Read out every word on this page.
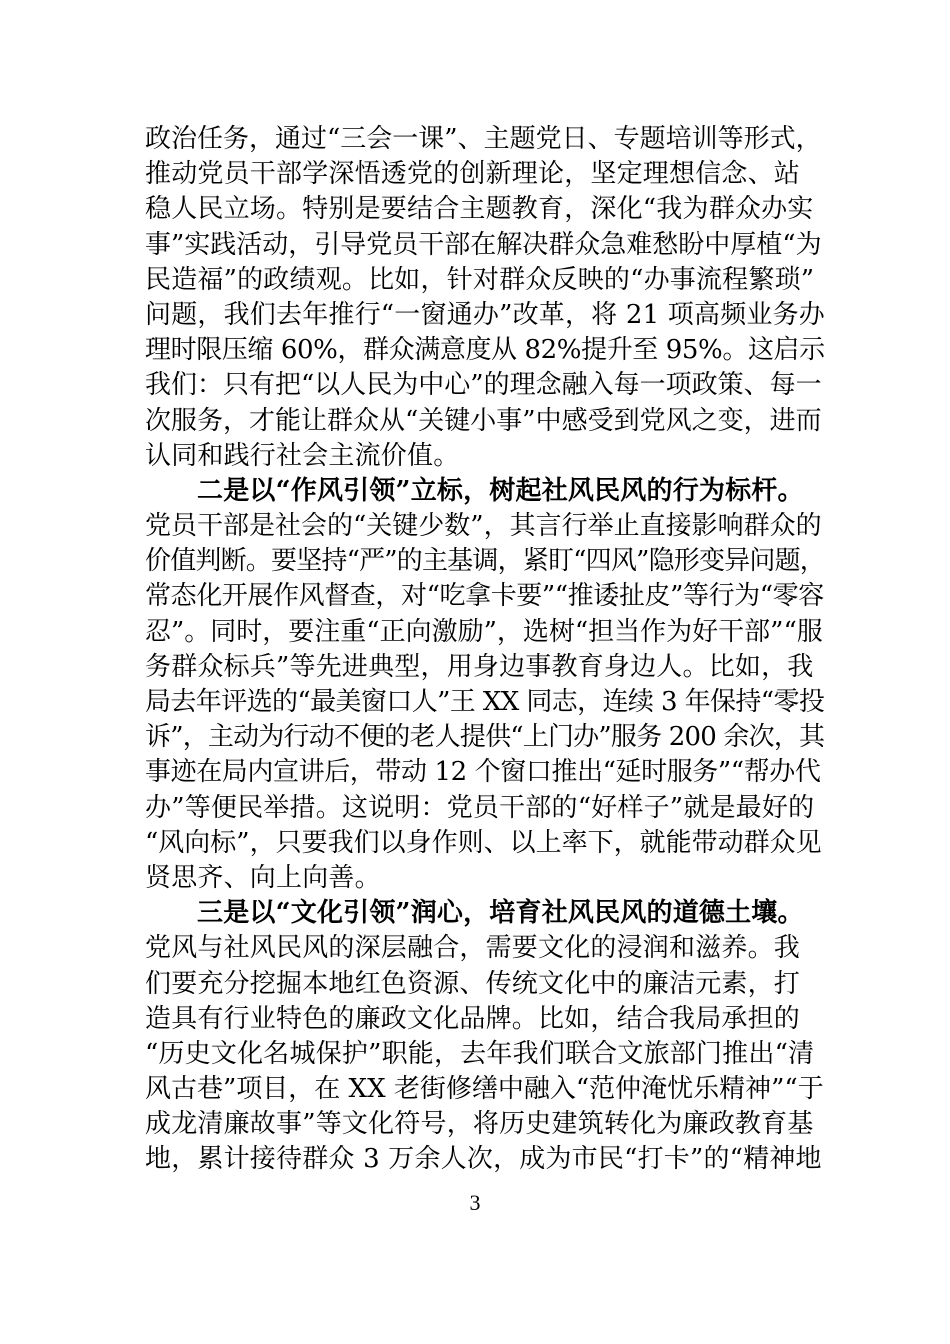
政治任务，通过“三会一课”、主题党日、专题培训等形式，
推动党员干部学深悟透党的创新理论，坚定理想信念、站
稳人民立场。特别是要结合主题教育，深化“我为群众办实
事”实践活动，引导党员干部在解决群众急难愁盼中厚植“为
民造福”的政绩观。比如，针对群众反映的“办事流程繁琐”
问题，我们去年推行“一窗通办”改革，将 21 项高频业务办
理时限压缩 60%，群众满意度从 82%提升至 95%。这启示
我们：只有把“以人民为中心”的理念融入每一项政策、每一
次服务，才能让群众从“关键小事”中感受到党风之变，进而
认同和践行社会主流价值。
二是以“作风引领”立标，树起社风民风的行为标杆。
党员干部是社会的“关键少数”，其言行举止直接影响群众的
价值判断。要坚持“严”的主基调，紧盯“四风”隐形变异问题，
常态化开展作风督查，对“吃拿卡要”“推诿扯皮”等行为“零容
忍”。同时，要注重“正向激励”，选树“担当作为好干部”“服
务群众标兵”等先进典型，用身边事教育身边人。比如，我
局去年评选的“最美窗口人”王 XX 同志，连续 3 年保持“零投
诉”，主动为行动不便的老人提供“上门办”服务 200 余次，其
事迹在局内宣讲后，带动 12 个窗口推出“延时服务”“帮办代
办”等便民举措。这说明：党员干部的“好样子”就是最好的
“风向标”，只要我们以身作则、以上率下，就能带动群众见
贤思齐、向上向善。
三是以“文化引领”润心，培育社风民风的道德土壤。
党风与社风民风的深层融合，需要文化的浸润和滋养。我
们要充分挖掘本地红色资源、传统文化中的廉洁元素，打
造具有行业特色的廉政文化品牌。比如，结合我局承担的
“历史文化名城保护”职能，去年我们联合文旅部门推出“清
风古巷”项目，在 XX 老街修缮中融入“范仲淹忧乐精神”“于
成龙清廉故事”等文化符号，将历史建筑转化为廉政教育基
地，累计接待群众 3 万余人次，成为市民“打卡”的“精神地
3
